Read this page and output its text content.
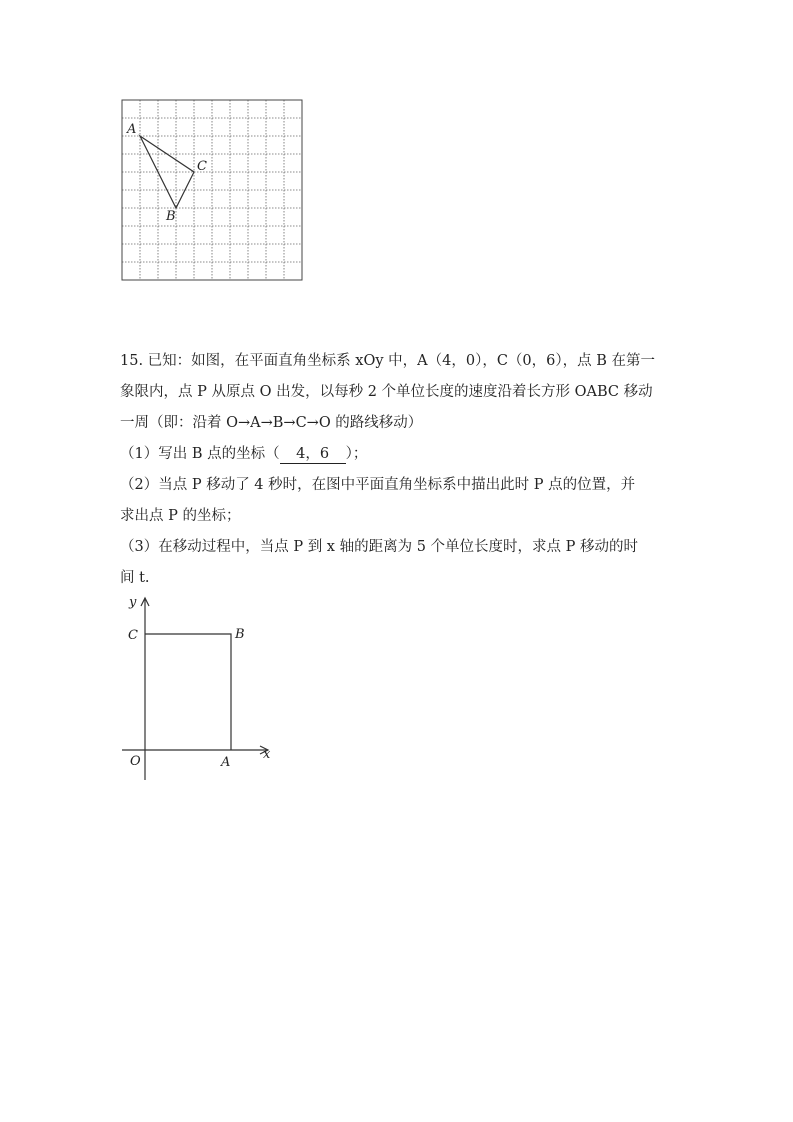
A
B
C
15. 已知：如图，在平面直角坐标系 xOy 中，A（4，0），C（0，6），点 B 在第一
象限内，点 P 从原点 O 出发，以每秒 2 个单位长度的速度沿着长方形 OABC 移动
一周（即：沿着 O→A→B→C→O 的路线移动）
（1）写出 B 点的坐标（ 4，6 ）；
（2）当点 P 移动了 4 秒时，在图中平面直角坐标系中描出此时 P 点的位置，并
求出点 P 的坐标；
（3）在移动过程中，当点 P 到 x 轴的距离为 5 个单位长度时，求点 P 移动的时
间 t.
y
x
O	A
B
C
